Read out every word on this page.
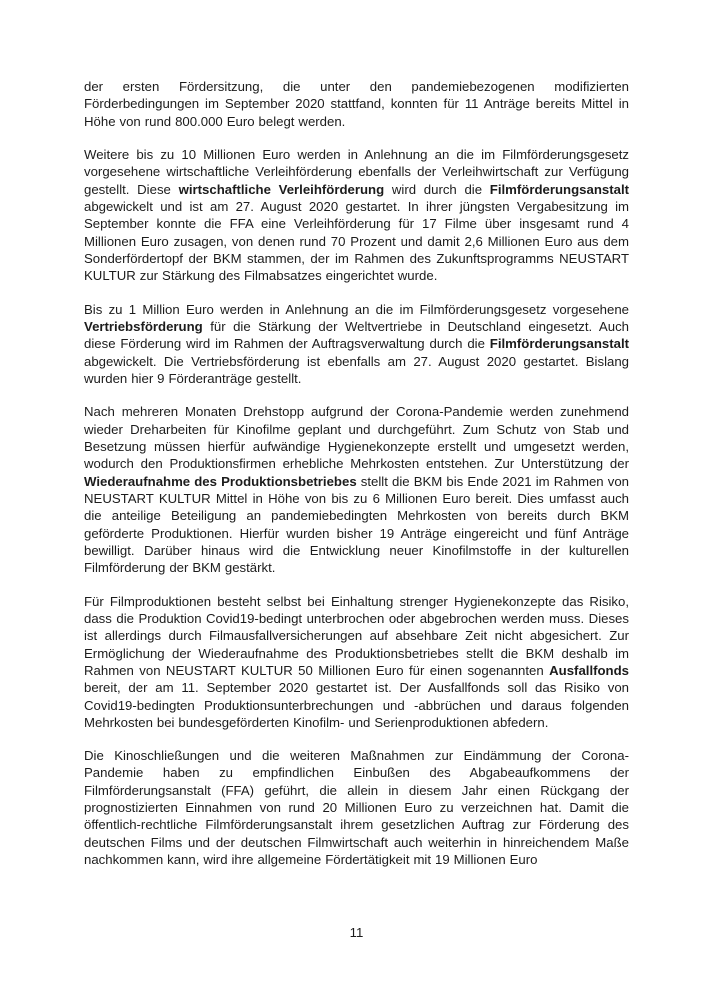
der ersten Fördersitzung, die unter den pandemiebezogenen modifizierten Förderbedingungen im September 2020 stattfand, konnten für 11 Anträge bereits Mittel in Höhe von rund 800.000 Euro belegt werden.

Weitere bis zu 10 Millionen Euro werden in Anlehnung an die im Filmförderungsgesetz vorgesehene wirtschaftliche Verleihförderung ebenfalls der Verleihwirtschaft zur Verfügung gestellt. Diese wirtschaftliche Verleihförderung wird durch die Filmförderungsanstalt abgewickelt und ist am 27. August 2020 gestartet. In ihrer jüngsten Vergabesitzung im September konnte die FFA eine Verleihförderung für 17 Filme über insgesamt rund 4 Millionen Euro zusagen, von denen rund 70 Prozent und damit 2,6 Millionen Euro aus dem Sonderfördertopf der BKM stammen, der im Rahmen des Zukunftsprogramms NEUSTART KULTUR zur Stärkung des Filmabsatzes eingerichtet wurde.

Bis zu 1 Million Euro werden in Anlehnung an die im Filmförderungsgesetz vorgesehene Vertriebsförderung für die Stärkung der Weltvertriebe in Deutschland eingesetzt. Auch diese Förderung wird im Rahmen der Auftragsverwaltung durch die Filmförderungsanstalt abgewickelt. Die Vertriebsförderung ist ebenfalls am 27. August 2020 gestartet. Bislang wurden hier 9 Förderanträge gestellt.

Nach mehreren Monaten Drehstopp aufgrund der Corona-Pandemie werden zunehmend wieder Dreharbeiten für Kinofilme geplant und durchgeführt. Zum Schutz von Stab und Besetzung müssen hierfür aufwändige Hygienekonzepte erstellt und umgesetzt werden, wodurch den Produktionsfirmen erhebliche Mehrkosten entstehen. Zur Unterstützung der Wiederaufnahme des Produktionsbetriebes stellt die BKM bis Ende 2021 im Rahmen von NEUSTART KULTUR Mittel in Höhe von bis zu 6 Millionen Euro bereit. Dies umfasst auch die anteilige Beteiligung an pandemiebedingten Mehrkosten von bereits durch BKM geförderte Produktionen. Hierfür wurden bisher 19 Anträge eingereicht und fünf Anträge bewilligt. Darüber hinaus wird die Entwicklung neuer Kinofilmstoffe in der kulturellen Filmförderung der BKM gestärkt.

Für Filmproduktionen besteht selbst bei Einhaltung strenger Hygienekonzepte das Risiko, dass die Produktion Covid19-bedingt unterbrochen oder abgebrochen werden muss. Dieses ist allerdings durch Filmausfallversicherungen auf absehbare Zeit nicht abgesichert. Zur Ermöglichung der Wiederaufnahme des Produktionsbetriebes stellt die BKM deshalb im Rahmen von NEUSTART KULTUR 50 Millionen Euro für einen sogenannten Ausfallfonds bereit, der am 11. September 2020 gestartet ist. Der Ausfallfonds soll das Risiko von Covid19-bedingten Produktionsunterbrechungen und -abbrüchen und daraus folgenden Mehrkosten bei bundesgeförderten Kinofilm- und Serienproduktionen abfedern.

Die Kinoschließungen und die weiteren Maßnahmen zur Eindämmung der Corona-Pandemie haben zu empfindlichen Einbußen des Abgabeaufkommens der Filmförderungsanstalt (FFA) geführt, die allein in diesem Jahr einen Rückgang der prognostizierten Einnahmen von rund 20 Millionen Euro zu verzeichnen hat. Damit die öffentlich-rechtliche Filmförderungsanstalt ihrem gesetzlichen Auftrag zur Förderung des deutschen Films und der deutschen Filmwirtschaft auch weiterhin in hinreichendem Maße nachkommen kann, wird ihre allgemeine Fördertätigkeit mit 19 Millionen Euro

11
